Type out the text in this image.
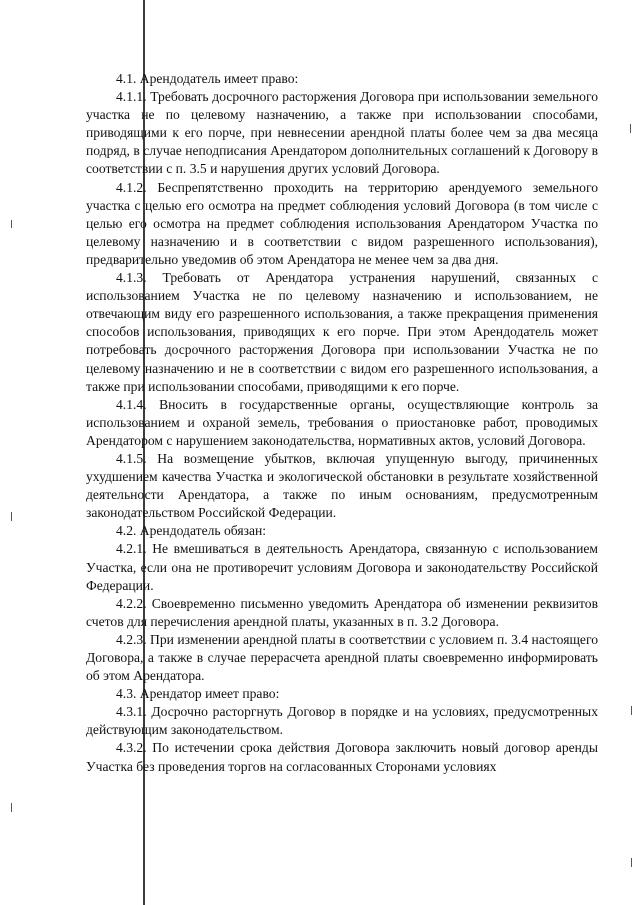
4.1. Арендодатель имеет право:

4.1.1. Требовать досрочного расторжения Договора при использовании земельного участка не по целевому назначению, а также при использовании способами, приводящими к его порче, при невнесении арендной платы более чем за два месяца подряд, в случае неподписания Арендатором дополнительных соглашений к Договору в соответствии с п. 3.5 и нарушения других условий Договора.

4.1.2. Беспрепятственно проходить на территорию арендуемого земельного участка с целью его осмотра на предмет соблюдения условий Договора (в том числе с целью его осмотра на предмет соблюдения использования Арендатором Участка по целевому назначению и в соответствии с видом разрешенного использования), предварительно уведомив об этом Арендатора не менее чем за два дня.

4.1.3. Требовать от Арендатора устранения нарушений, связанных с использованием Участка не по целевому назначению и использованием, не отвечающим виду его разрешенного использования, а также прекращения применения способов использования, приводящих к его порче. При этом Арендодатель может потребовать досрочного расторжения Договора при использовании Участка не по целевому назначению и не в соответствии с видом его разрешенного использования, а также при использовании способами, приводящими к его порче.

4.1.4. Вносить в государственные органы, осуществляющие контроль за использованием и охраной земель, требования о приостановке работ, проводимых Арендатором с нарушением законодательства, нормативных актов, условий Договора.

4.1.5. На возмещение убытков, включая упущенную выгоду, причиненных ухудшением качества Участка и экологической обстановки в результате хозяйственной деятельности Арендатора, а также по иным основаниям, предусмотренным законодательством Российской Федерации.

4.2. Арендодатель обязан:

4.2.1. Не вмешиваться в деятельность Арендатора, связанную с использованием Участка, если она не противоречит условиям Договора и законодательству Российской Федерации.

4.2.2. Своевременно письменно уведомить Арендатора об изменении реквизитов счетов для перечисления арендной платы, указанных в п. 3.2 Договора.

4.2.3. При изменении арендной платы в соответствии с условием п. 3.4 настоящего Договора, а также в случае перерасчета арендной платы своевременно информировать об этом Арендатора.

4.3. Арендатор имеет право:

4.3.1. Досрочно расторгнуть Договор в порядке и на условиях, предусмотренных действующим законодательством.

4.3.2. По истечении срока действия Договора заключить новый договор аренды Участка без проведения торгов на согласованных Сторонами условиях
